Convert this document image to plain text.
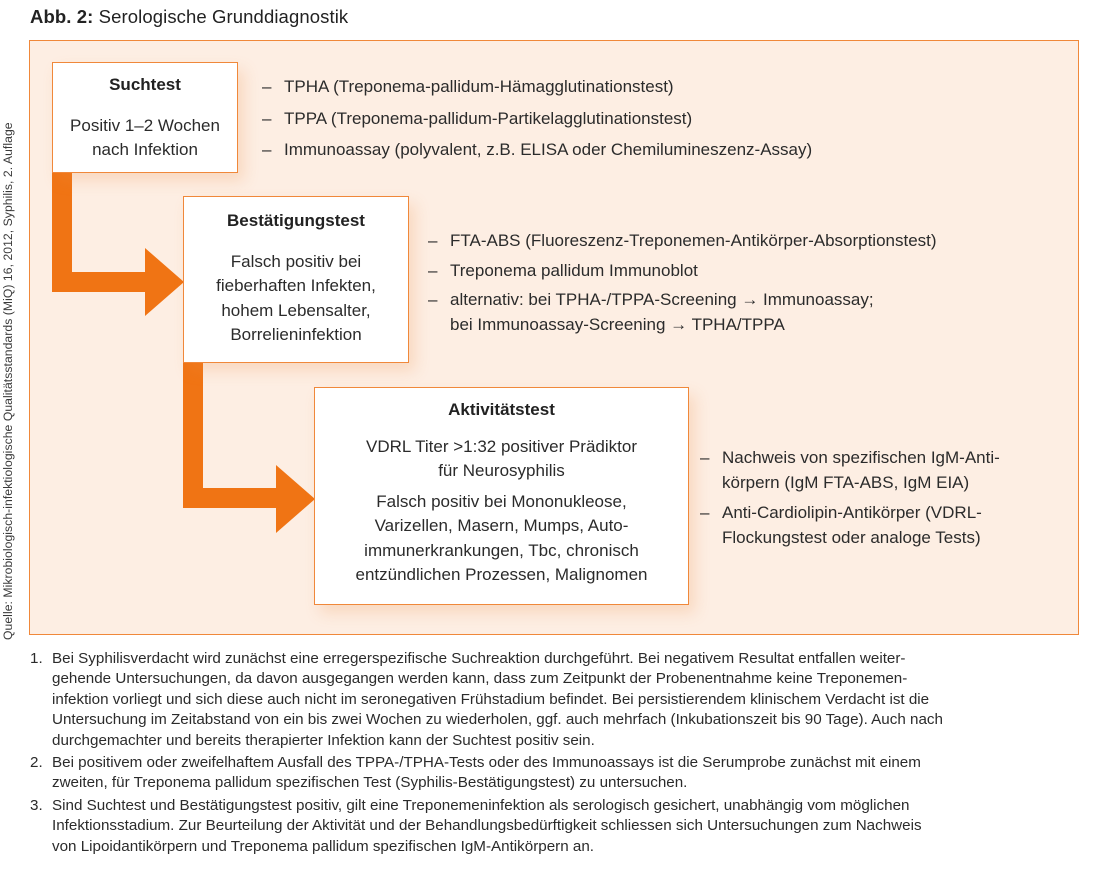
Abb. 2: Serologische Grunddiagnostik
Quelle: Mikrobiologisch-infektiologische Qualitätsstandards (MiQ) 16, 2012, Syphilis, 2. Auflage
Suchtest
Positiv 1–2 Wochen
nach Infektion
– TPHA (Treponema-pallidum-Hämagglutinationstest)
– TPPA (Treponema-pallidum-Partikelagglutinationstest)
– Immunoassay (polyvalent, z.B. ELISA oder Chemilumineszenz-Assay)
Bestätigungstest
Falsch positiv bei
fieberhaften Infekten,
hohem Lebensalter,
Borrelieninfektion
– FTA-ABS (Fluoreszenz-Treponemen-Antikörper-Absorptionstest)
– Treponema pallidum Immunoblot
– alternativ: bei TPHA-/TPPA-Screening → Immunoassay;
bei Immunoassay-Screening → TPHA/TPPA
Aktivitätstest
VDRL Titer >1:32 positiver Prädiktor
für Neurosyphilis
Falsch positiv bei Mononukleose,
Varizellen, Masern, Mumps, Auto-
immunerkrankungen, Tbc, chronisch
entzündlichen Prozessen, Malignomen
– Nachweis von spezifischen IgM-Anti-
körpern (IgM FTA-ABS, IgM EIA)
– Anti-Cardiolipin-Antikörper (VDRL-
Flockungstest oder analoge Tests)
1. Bei Syphilisverdacht wird zunächst eine erregerspezifische Suchreaktion durchgeführt. Bei negativem Resultat entfallen weiter-
gehende Untersuchungen, da davon ausgegangen werden kann, dass zum Zeitpunkt der Probenentnahme keine Treponemen-
infektion vorliegt und sich diese auch nicht im seronegativen Frühstadium befindet. Bei persistierendem klinischem Verdacht ist die
Untersuchung im Zeitabstand von ein bis zwei Wochen zu wiederholen, ggf. auch mehrfach (Inkubationszeit bis 90 Tage). Auch nach
durchgemachter und bereits therapierter Infektion kann der Suchtest positiv sein.
2. Bei positivem oder zweifelhaftem Ausfall des TPPA-/TPHA-Tests oder des Immunoassays ist die Serumprobe zunächst mit einem
zweiten, für Treponema pallidum spezifischen Test (Syphilis-Bestätigungstest) zu untersuchen.
3. Sind Suchtest und Bestätigungstest positiv, gilt eine Treponemeninfektion als serologisch gesichert, unabhängig vom möglichen
Infektionsstadium. Zur Beurteilung der Aktivität und der Behandlungsbedürftigkeit schliessen sich Untersuchungen zum Nachweis
von Lipoidantikörpern und Treponema pallidum spezifischen IgM-Antikörpern an.
